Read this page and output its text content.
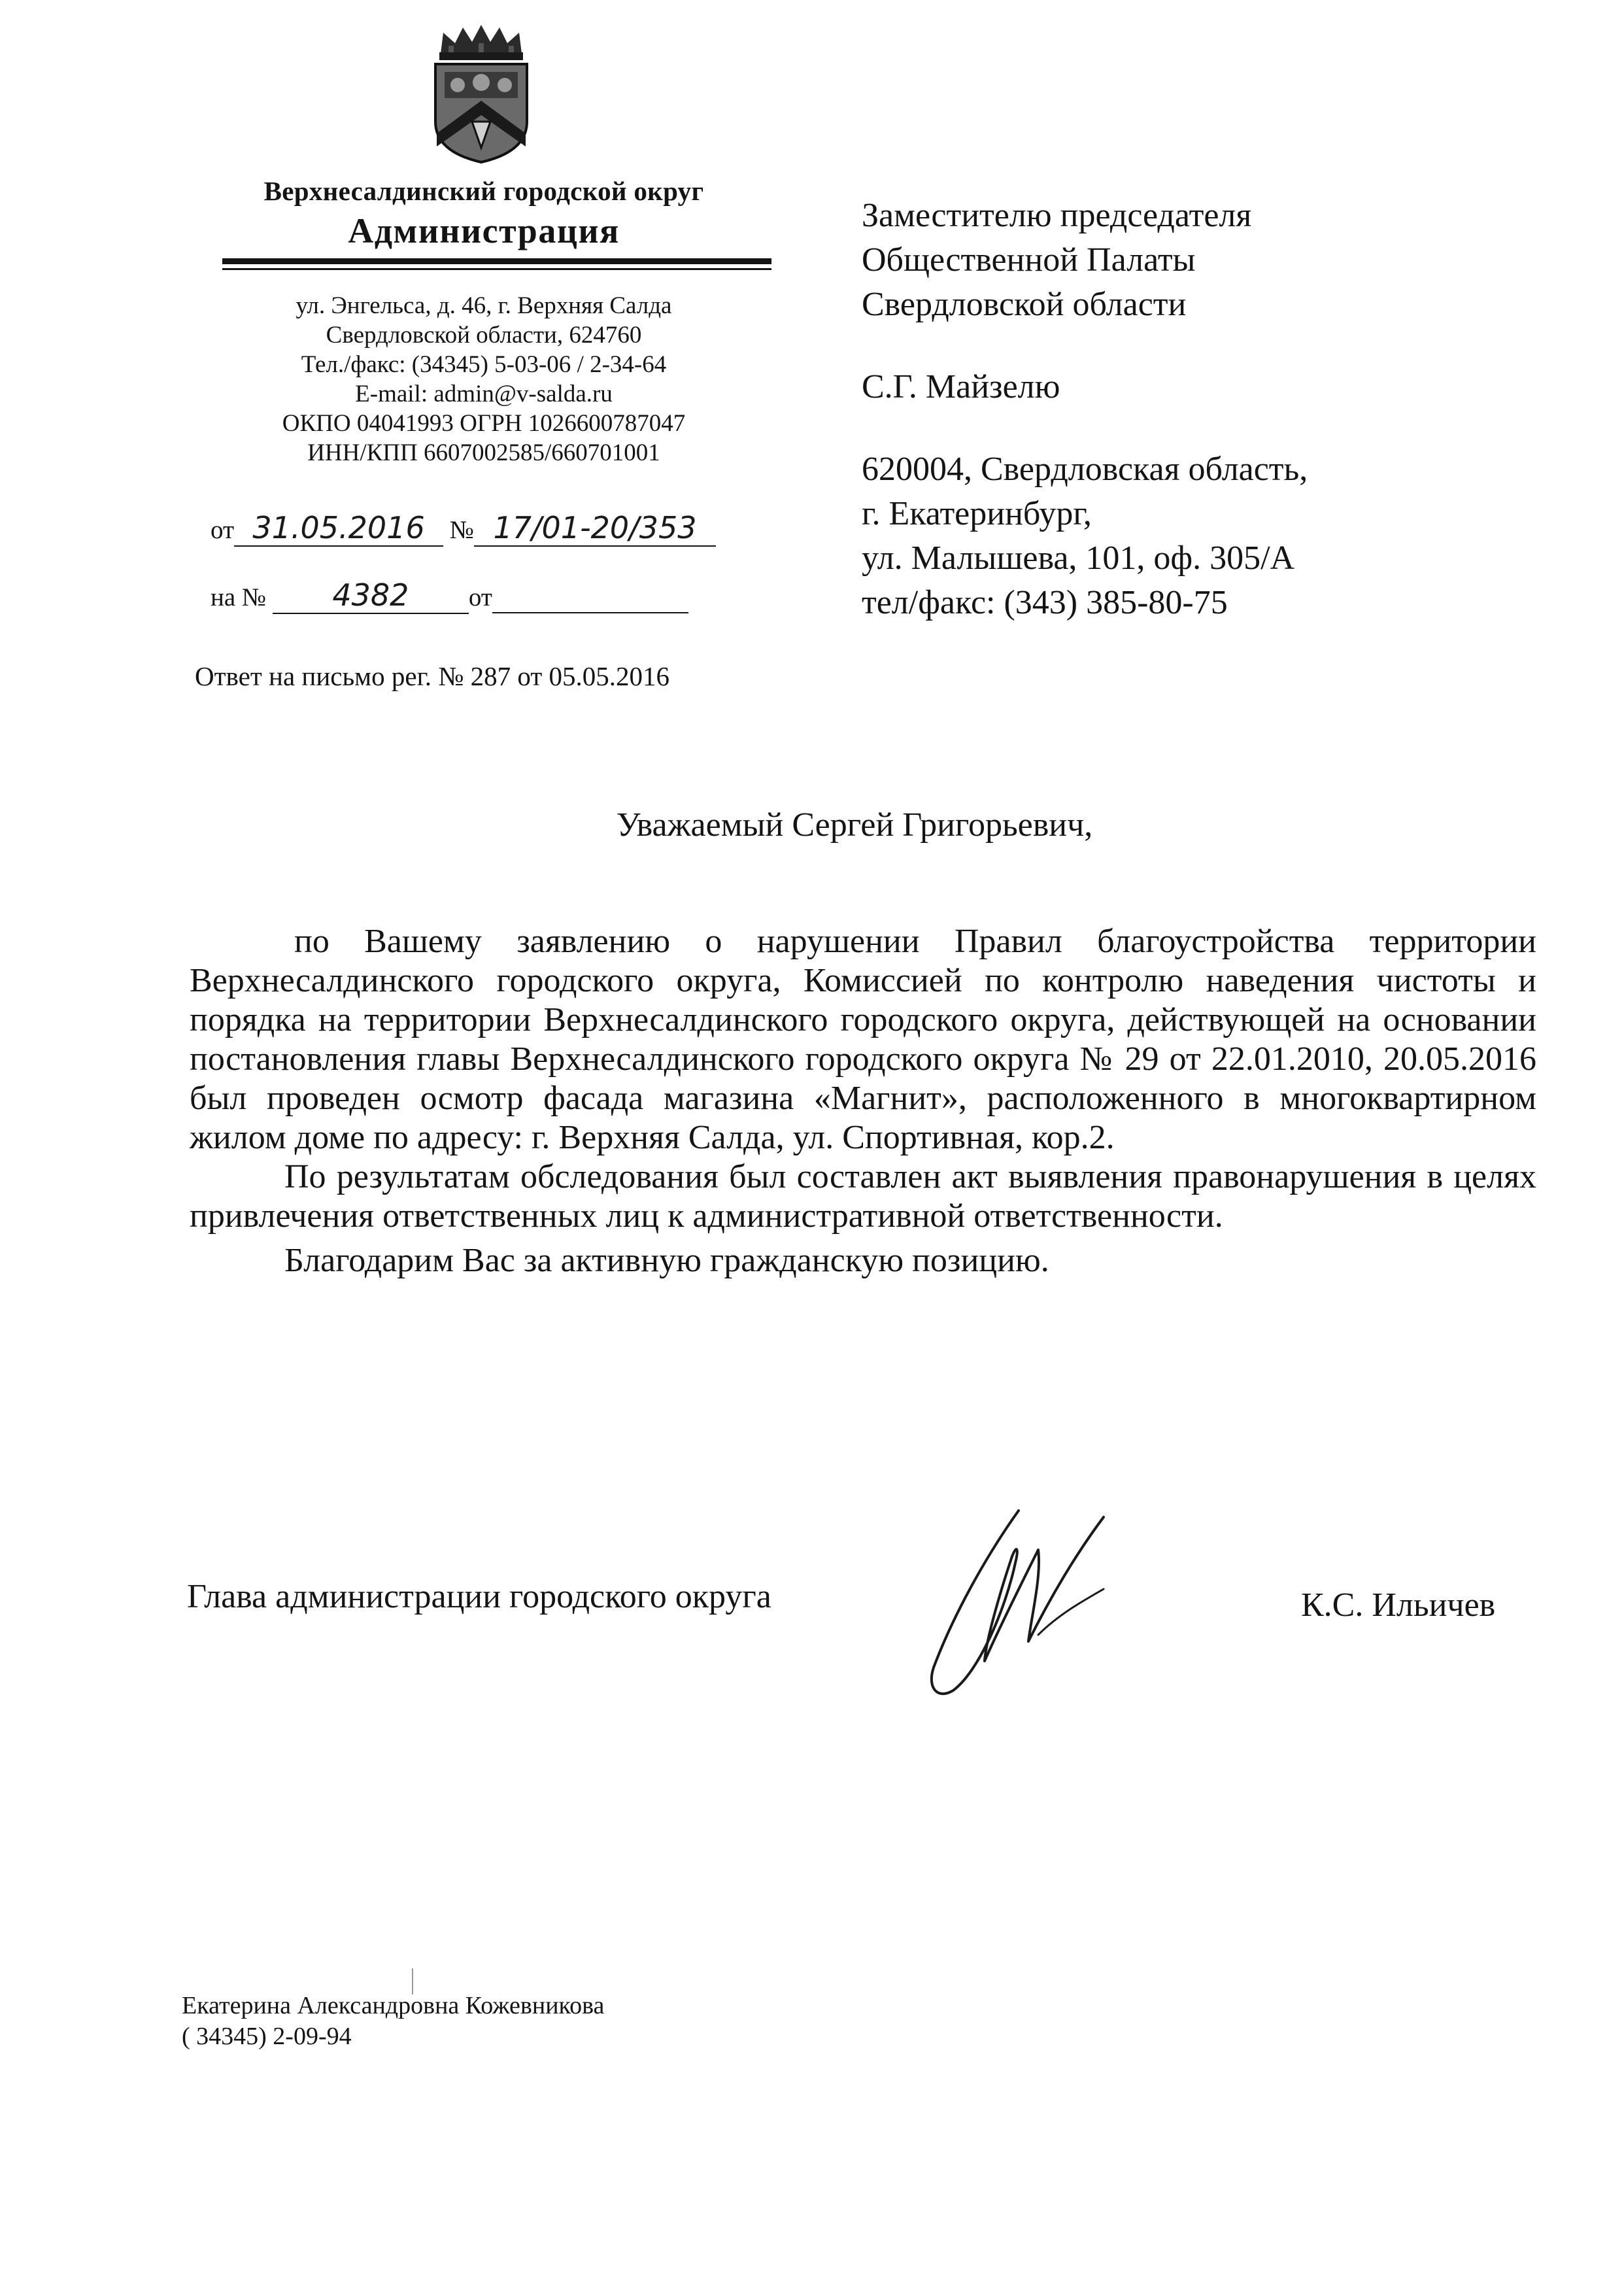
Верхнесалдинский городской округ
Администрация
ул. Энгельса, д. 46, г. Верхняя Салда
Свердловской области, 624760
Тел./факс: (34345) 5-03-06 / 2-34-64
E-mail: admin@v-salda.ru
ОКПО 04041993 ОГРН 1026600787047
ИНН/КПП 6607002585/660701001
от 31.05.2016 № 17/01-20/353
на № 4382 от
Ответ на письмо рег. № 287 от 05.05.2016
Заместителю председателя
Общественной Палаты
Свердловской области
С.Г. Майзелю
620004, Свердловская область,
г. Екатеринбург,
ул. Малышева, 101, оф. 305/А
тел/факс: (343) 385-80-75
Уважаемый Сергей Григорьевич,

по Вашему заявлению о нарушении Правил благоустройства территории Верхнесалдинского городского округа, Комиссией по контролю наведения чистоты и порядка на территории Верхнесалдинского городского округа, действующей на основании постановления главы Верхнесалдинского городского округа № 29 от 22.01.2010, 20.05.2016 был проведен осмотр фасада магазина «Магнит», расположенного в многоквартирном жилом доме по адресу: г. Верхняя Салда, ул. Спортивная, кор.2.

По результатам обследования был составлен акт выявления правонарушения в целях привлечения ответственных лиц к административной ответственности.

Благодарим Вас за активную гражданскую позицию.

Глава администрации городского округа	К.С. Ильичев
Екатерина Александровна Кожевникова
( 34345) 2-09-94
